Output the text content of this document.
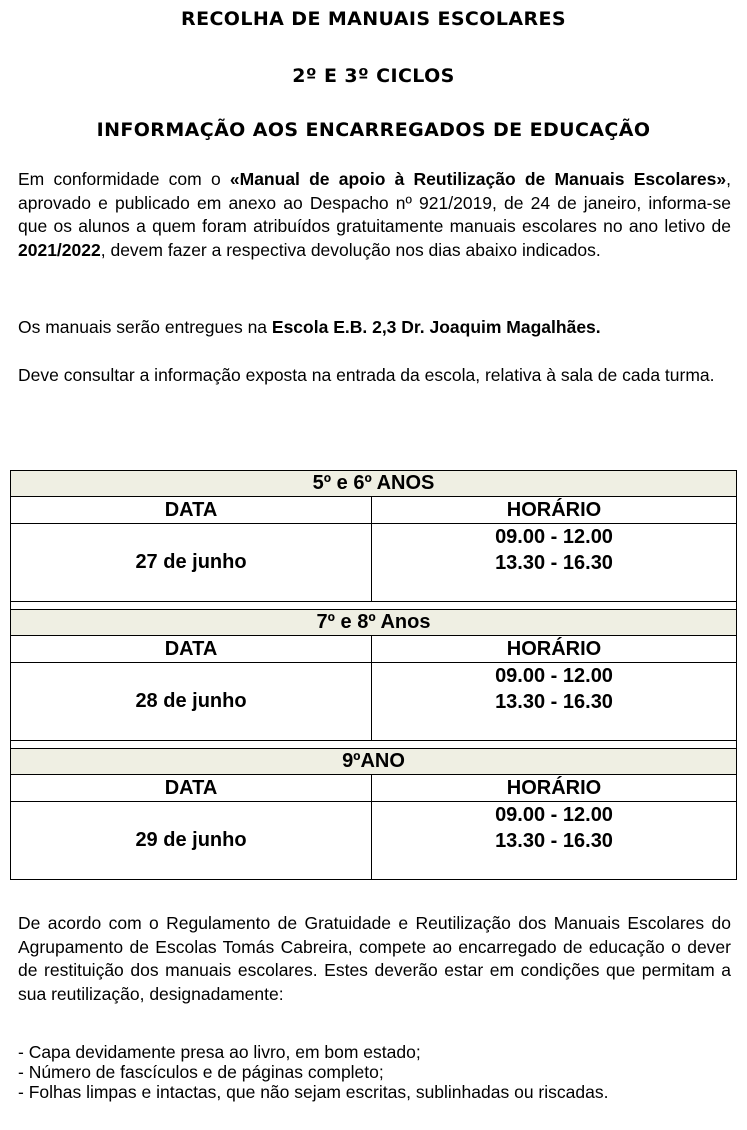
RECOLHA DE MANUAIS ESCOLARES
2º E 3º CICLOS
INFORMAÇÃO AOS ENCARREGADOS DE EDUCAÇÃO

Em conformidade com o «Manual de apoio à Reutilização de Manuais Escolares», aprovado e publicado em anexo ao Despacho nº 921/2019, de 24 de janeiro, informa-se que os alunos a quem foram atribuídos gratuitamente manuais escolares no ano letivo de 2021/2022, devem fazer a respectiva devolução nos dias abaixo indicados.

Os manuais serão entregues na Escola E.B. 2,3 Dr. Joaquim Magalhães.

Deve consultar a informação exposta na entrada da escola, relativa à sala de cada turma.

5º e 6º ANOS	
DATA	HORÁRIO
27 de junho	09.00 - 12.00
13.30 - 16.30

7º e 8º Anos	
DATA	HORÁRIO
28 de junho	09.00 - 12.00
13.30 - 16.30

9ºANO	
DATA	HORÁRIO
29 de junho	09.00 - 12.00
13.30 - 16.30

De acordo com o Regulamento de Gratuidade e Reutilização dos Manuais Escolares do Agrupamento de Escolas Tomás Cabreira, compete ao encarregado de educação o dever de restituição dos manuais escolares. Estes deverão estar em condições que permitam a sua reutilização, designadamente:

- Capa devidamente presa ao livro, em bom estado;
- Número de fascículos e de páginas completo;
- Folhas limpas e intactas, que não sejam escritas, sublinhadas ou riscadas.
